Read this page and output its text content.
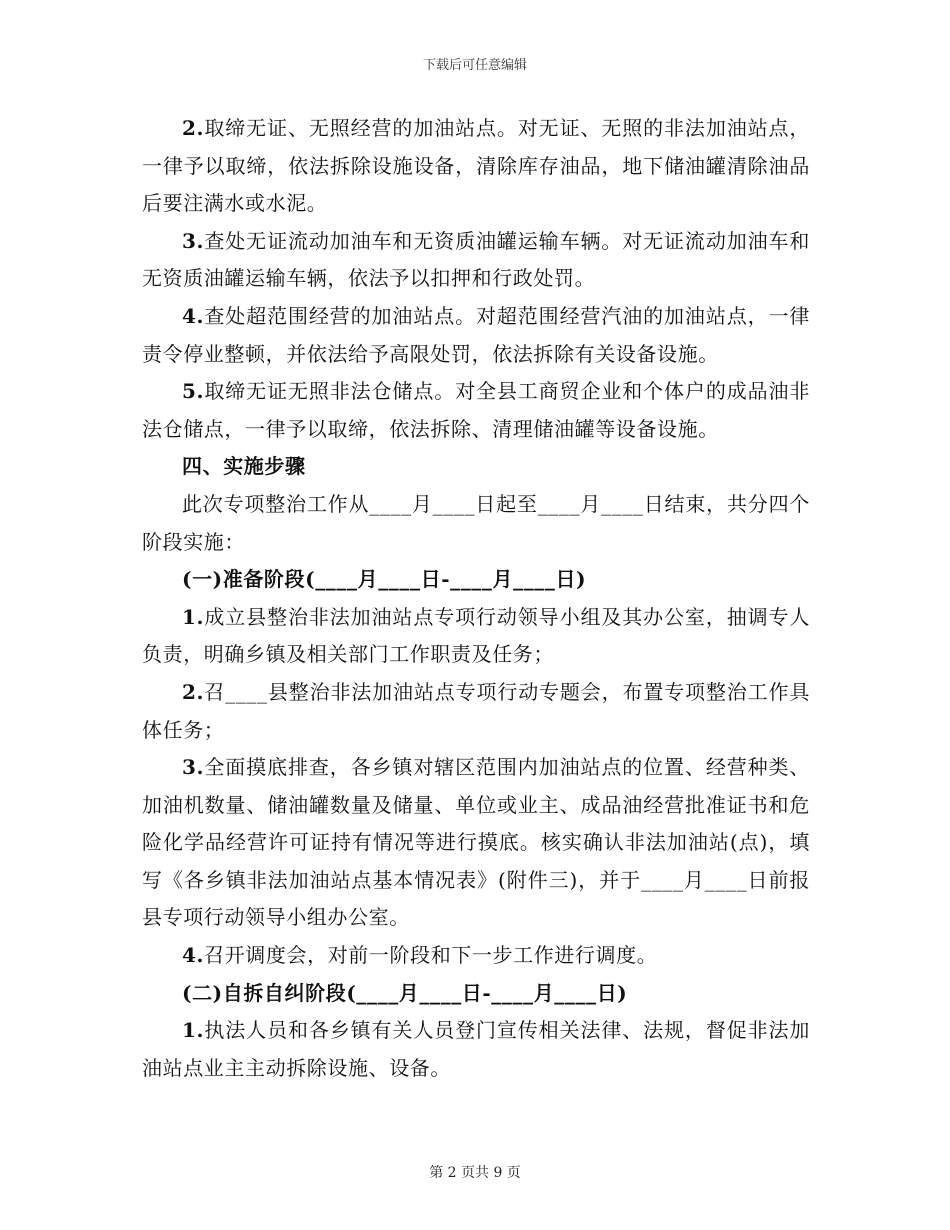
下载后可任意编辑

2.取缔无证、无照经营的加油站点。对无证、无照的非法加油站点，一律予以取缔，依法拆除设施设备，清除库存油品，地下储油罐清除油品后要注满水或水泥。

3.查处无证流动加油车和无资质油罐运输车辆。对无证流动加油车和无资质油罐运输车辆，依法予以扣押和行政处罚。

4.查处超范围经营的加油站点。对超范围经营汽油的加油站点，一律责令停业整顿，并依法给予高限处罚，依法拆除有关设备设施。

5.取缔无证无照非法仓储点。对全县工商贸企业和个体户的成品油非法仓储点，一律予以取缔，依法拆除、清理储油罐等设备设施。

四、实施步骤

此次专项整治工作从____月____日起至____月____日结束，共分四个阶段实施：

(一)准备阶段(____月____日-____月____日)

1.成立县整治非法加油站点专项行动领导小组及其办公室，抽调专人负责，明确乡镇及相关部门工作职责及任务；

2.召____县整治非法加油站点专项行动专题会，布置专项整治工作具体任务；

3.全面摸底排查，各乡镇对辖区范围内加油站点的位置、经营种类、加油机数量、储油罐数量及储量、单位或业主、成品油经营批准证书和危险化学品经营许可证持有情况等进行摸底。核实确认非法加油站(点)，填写《各乡镇非法加油站点基本情况表》(附件三)，并于____月____日前报县专项行动领导小组办公室。

4.召开调度会，对前一阶段和下一步工作进行调度。

(二)自拆自纠阶段(____月____日-____月____日)

1.执法人员和各乡镇有关人员登门宣传相关法律、法规，督促非法加油站点业主主动拆除设施、设备。

第 2 页共 9 页
